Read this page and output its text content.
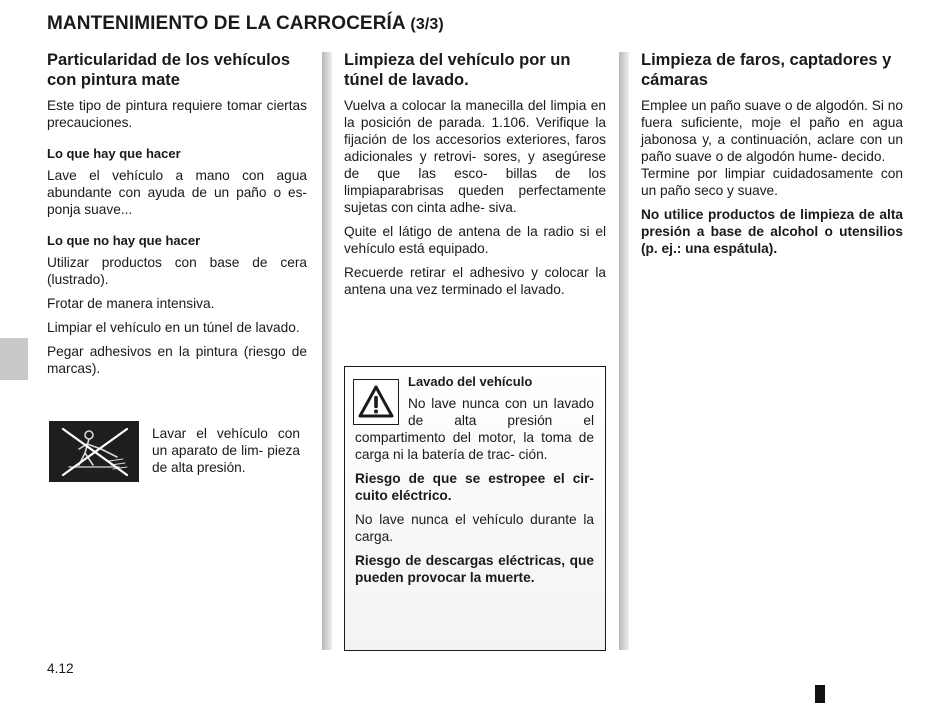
MANTENIMIENTO DE LA CARROCERÍA (3/3)
Particularidad de los vehículos con pintura mate

Este tipo de pintura requiere tomar ciertas precauciones.

Lo que hay que hacer

Lave el vehículo a mano con agua abundante con ayuda de un paño o es- ponja suave...

Lo que no hay que hacer

Utilizar productos con base de cera (lustrado).

Frotar de manera intensiva.

Limpiar el vehículo en un túnel de lavado.

Pegar adhesivos en la pintura (riesgo de marcas).

Lavar el vehículo con un aparato de lim- pieza de alta presión.
Limpieza del vehículo por un túnel de lavado.

Vuelva a colocar la manecilla del limpia en la posición de parada. 1.106. Verifique la fijación de los accesorios exteriores, faros adicionales y retrovi- sores, y asegúrese de que las esco- billas de los limpiaparabrisas queden perfectamente sujetas con cinta adhe- siva.

Quite el látigo de antena de la radio si el vehículo está equipado.

Recuerde retirar el adhesivo y colocar la antena una vez terminado el lavado.

Lavado del vehículo

No lave nunca con un lavado de alta presión el compartimento del motor, la toma de carga ni la batería de trac- ción.

Riesgo de que se estropee el cir- cuito eléctrico.

No lave nunca el vehículo durante la carga.

Riesgo de descargas eléctricas, que pueden provocar la muerte.

Limpieza de faros, captadores y cámaras

Emplee un paño suave o de algodón. Si no fuera suficiente, moje el paño en agua jabonosa y, a continuación, aclare con un paño suave o de algodón hume- decido.

Termine por limpiar cuidadosamente con un paño seco y suave.

No utilice productos de limpieza de alta presión a base de alcohol o utensilios (p. ej.: una espátula).

4.12
